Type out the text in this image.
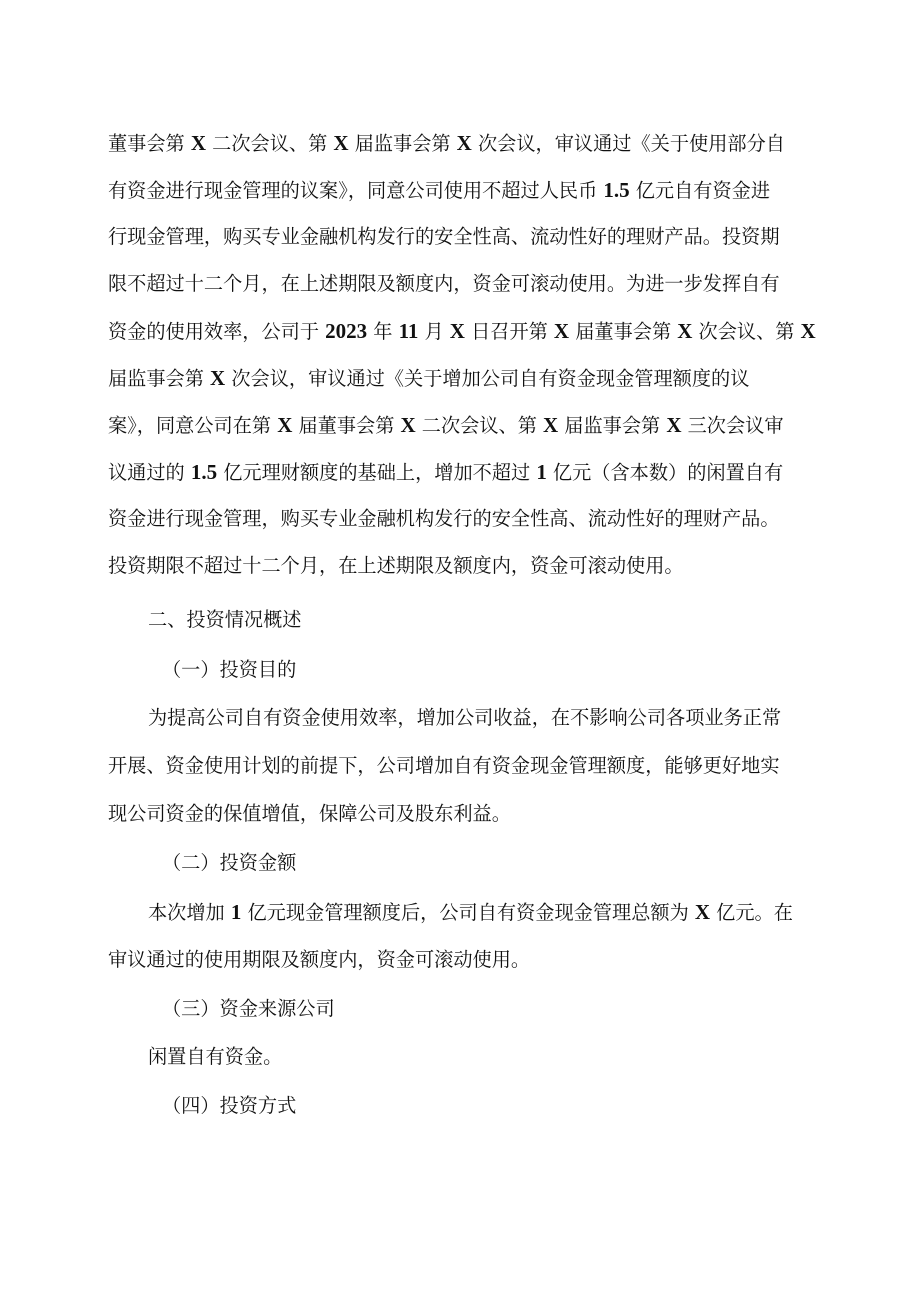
董事会第 X 二次会议、第 X 届监事会第 X 次会议，审议通过《关于使用部分自

有资金进行现金管理的议案》，同意公司使用不超过人民币 1.5 亿元自有资金进

行现金管理，购买专业金融机构发行的安全性高、流动性好的理财产品。投资期

限不超过十二个月，在上述期限及额度内，资金可滚动使用。为进一步发挥自有

资金的使用效率，公司于 2023 年 11 月 X 日召开第 X 届董事会第 X 次会议、第 X

届监事会第 X 次会议，审议通过《关于增加公司自有资金现金管理额度的议

案》，同意公司在第 X 届董事会第 X 二次会议、第 X 届监事会第 X 三次会议审

议通过的 1.5 亿元理财额度的基础上，增加不超过 1 亿元（含本数）的闲置自有

资金进行现金管理，购买专业金融机构发行的安全性高、流动性好的理财产品。

投资期限不超过十二个月，在上述期限及额度内，资金可滚动使用。

二、投资情况概述
（一）投资目的

为提高公司自有资金使用效率，增加公司收益，在不影响公司各项业务正常

开展、资金使用计划的前提下，公司增加自有资金现金管理额度，能够更好地实

现公司资金的保值增值，保障公司及股东利益。

（二）投资金额

本次增加 1 亿元现金管理额度后，公司自有资金现金管理总额为 X 亿元。在

审议通过的使用期限及额度内，资金可滚动使用。

（三）资金来源公司

闲置自有资金。

（四）投资方式
